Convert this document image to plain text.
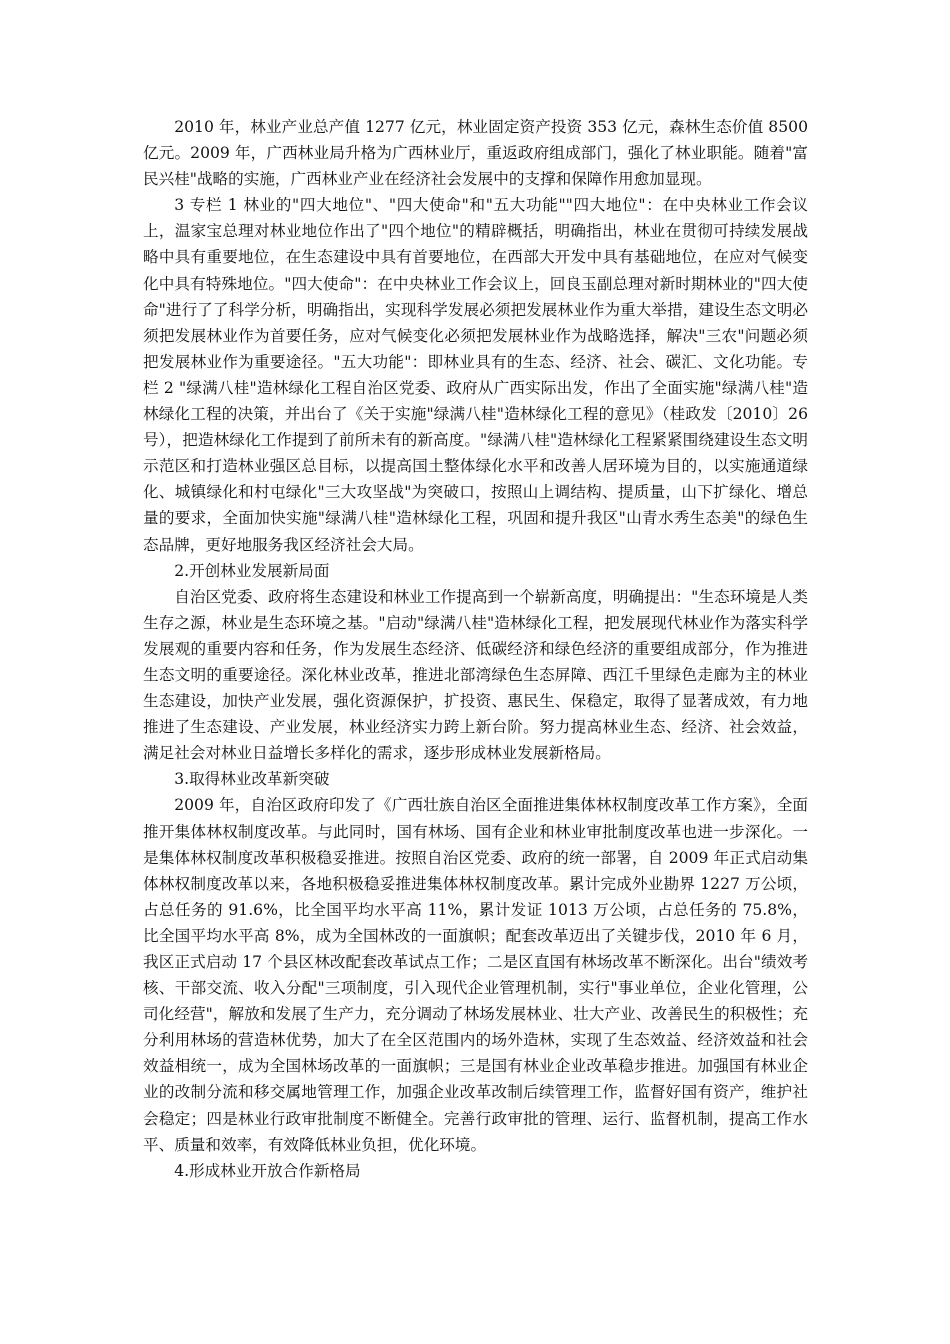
2010 年，林业产业总产值 1277 亿元，林业固定资产投资 353 亿元，森林生态价值 8500 亿元。2009 年，广西林业局升格为广西林业厅，重返政府组成部门，强化了林业职能。随着"富民兴桂"战略的实施，广西林业产业在经济社会发展中的支撑和保障作用愈加显现。

3 专栏 1 林业的"四大地位"、"四大使命"和"五大功能""四大地位"：在中央林业工作会议上，温家宝总理对林业地位作出了"四个地位"的精辟概括，明确指出，林业在贯彻可持续发展战略中具有重要地位，在生态建设中具有首要地位，在西部大开发中具有基础地位，在应对气候变化中具有特殊地位。"四大使命"：在中央林业工作会议上，回良玉副总理对新时期林业的"四大使命"进行了了科学分析，明确指出，实现科学发展必须把发展林业作为重大举措，建设生态文明必须把发展林业作为首要任务，应对气候变化必须把发展林业作为战略选择，解决"三农"问题必须把发展林业作为重要途径。"五大功能"：即林业具有的生态、经济、社会、碳汇、文化功能。专栏 2 "绿满八桂"造林绿化工程自治区党委、政府从广西实际出发，作出了全面实施"绿满八桂"造林绿化工程的决策，并出台了《关于实施"绿满八桂"造林绿化工程的意见》（桂政发〔2010〕26 号），把造林绿化工作提到了前所未有的新高度。"绿满八桂"造林绿化工程紧紧围绕建设生态文明示范区和打造林业强区总目标，以提高国土整体绿化水平和改善人居环境为目的，以实施通道绿化、城镇绿化和村屯绿化"三大攻坚战"为突破口，按照山上调结构、提质量，山下扩绿化、增总量的要求，全面加快实施"绿满八桂"造林绿化工程，巩固和提升我区"山青水秀生态美"的绿色生态品牌，更好地服务我区经济社会大局。

2.开创林业发展新局面

自治区党委、政府将生态建设和林业工作提高到一个崭新高度，明确提出："生态环境是人类生存之源，林业是生态环境之基。"启动"绿满八桂"造林绿化工程，把发展现代林业作为落实科学发展观的重要内容和任务，作为发展生态经济、低碳经济和绿色经济的重要组成部分，作为推进生态文明的重要途径。深化林业改革，推进北部湾绿色生态屏障、西江千里绿色走廊为主的林业生态建设，加快产业发展，强化资源保护，扩投资、惠民生、保稳定，取得了显著成效，有力地推进了生态建设、产业发展，林业经济实力跨上新台阶。努力提高林业生态、经济、社会效益，满足社会对林业日益增长多样化的需求，逐步形成林业发展新格局。

3.取得林业改革新突破

2009 年，自治区政府印发了《广西壮族自治区全面推进集体林权制度改革工作方案》，全面推开集体林权制度改革。与此同时，国有林场、国有企业和林业审批制度改革也进一步深化。一是集体林权制度改革积极稳妥推进。按照自治区党委、政府的统一部署，自 2009 年正式启动集体林权制度改革以来，各地积极稳妥推进集体林权制度改革。累计完成外业勘界 1227 万公顷，占总任务的 91.6%，比全国平均水平高 11%，累计发证 1013 万公顷，占总任务的 75.8%，比全国平均水平高 8%，成为全国林改的一面旗帜；配套改革迈出了关键步伐，2010 年 6 月，我区正式启动 17 个县区林改配套改革试点工作；二是区直国有林场改革不断深化。出台"绩效考核、干部交流、收入分配"三项制度，引入现代企业管理机制，实行"事业单位，企业化管理，公司化经营"，解放和发展了生产力，充分调动了林场发展林业、壮大产业、改善民生的积极性；充分利用林场的营造林优势，加大了在全区范围内的场外造林，实现了生态效益、经济效益和社会效益相统一，成为全国林场改革的一面旗帜；三是国有林业企业改革稳步推进。加强国有林业企业的改制分流和移交属地管理工作，加强企业改革改制后续管理工作，监督好国有资产，维护社会稳定；四是林业行政审批制度不断健全。完善行政审批的管理、运行、监督机制，提高工作水平、质量和效率，有效降低林业负担，优化环境。

4.形成林业开放合作新格局
